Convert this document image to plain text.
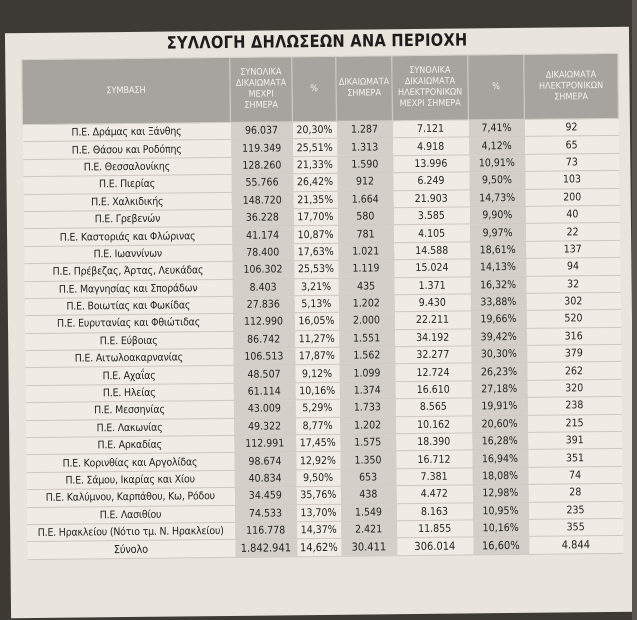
ΣΥΛΛΟΓΗ ΔΗΛΩΣΕΩΝ ΑΝΑ ΠΕΡΙΟΧΗ
ΣΥΜΒΑΣΗ	ΣΥΝΟΛΙΚΑ ΔΙΚΑΙΩΜΑΤΑ ΜΕΧΡΙ ΣΗΜΕΡΑ	%	ΔΙΚΑΙΩΜΑΤΑ ΣΗΜΕΡΑ	ΣΥΝΟΛΙΚΑ ΔΙΚΑΙΩΜΑΤΑ ΗΛΕΚΤΡΟΝΙΚΩΝ ΜΕΧΡΙ ΣΗΜΕΡΑ	%	ΔΙΚΑΙΩΜΑΤΑ ΗΛΕΚΤΡΟΝΙΚΩΝ ΣΗΜΕΡΑ
Π.Ε. Δράμας και Ξάνθης	96.037	20,30%	1.287	7.121	7,41%	92
Π.Ε. Θάσου και Ροδόπης	119.349	25,51%	1.313	4.918	4,12%	65
Π.Ε. Θεσσαλονίκης	128.260	21,33%	1.590	13.996	10,91%	73
Π.Ε. Πιερίας	55.766	26,42%	912	6.249	9,50%	103
Π.Ε. Χαλκιδικής	148.720	21,35%	1.664	21.903	14,73%	200
Π.Ε. Γρεβενών	36.228	17,70%	580	3.585	9,90%	40
Π.Ε. Καστοριάς και Φλώρινας	41.174	10,87%	781	4.105	9,97%	22
Π.Ε. Ιωαννίνων	78.400	17,63%	1.021	14.588	18,61%	137
Π.Ε. Πρέβεζας, Άρτας, Λευκάδας	106.302	25,53%	1.119	15.024	14,13%	94
Π.Ε. Μαγνησίας και Σποράδων	8.403	3,21%	435	1.371	16,32%	32
Π.Ε. Βοιωτίας και Φωκίδας	27.836	5,13%	1.202	9.430	33,88%	302
Π.Ε. Ευρυτανίας και Φθιώτιδας	112.990	16,05%	2.000	22.211	19,66%	520
Π.Ε. Εύβοιας	86.742	11,27%	1.551	34.192	39,42%	316
Π.Ε. Αιτωλοακαρνανίας	106.513	17,87%	1.562	32.277	30,30%	379
Π.Ε. Αχαΐας	48.507	9,12%	1.099	12.724	26,23%	262
Π.Ε. Ηλείας	61.114	10,16%	1.374	16.610	27,18%	320
Π.Ε. Μεσσηνίας	43.009	5,29%	1.733	8.565	19,91%	238
Π.Ε. Λακωνίας	49.322	8,77%	1.202	10.162	20,60%	215
Π.Ε. Αρκαδίας	112.991	17,45%	1.575	18.390	16,28%	391
Π.Ε. Κορινθίας και Αργολίδας	98.674	12,92%	1.350	16.712	16,94%	351
Π.Ε. Σάμου, Ικαρίας και Χίου	40.834	9,50%	653	7.381	18,08%	74
Π.Ε. Καλύμνου, Καρπάθου, Κω, Ρόδου	34.459	35,76%	438	4.472	12,98%	28
Π.Ε. Λασιθίου	74.533	13,70%	1.549	8.163	10,95%	235
Π.Ε. Ηρακλείου (Νότιο τμ. Ν. Ηρακλείου)	116.778	14,37%	2.421	11.855	10,16%	355
Σύνολο	1.842.941	14,62%	30.411	306.014	16,60%	4.844
